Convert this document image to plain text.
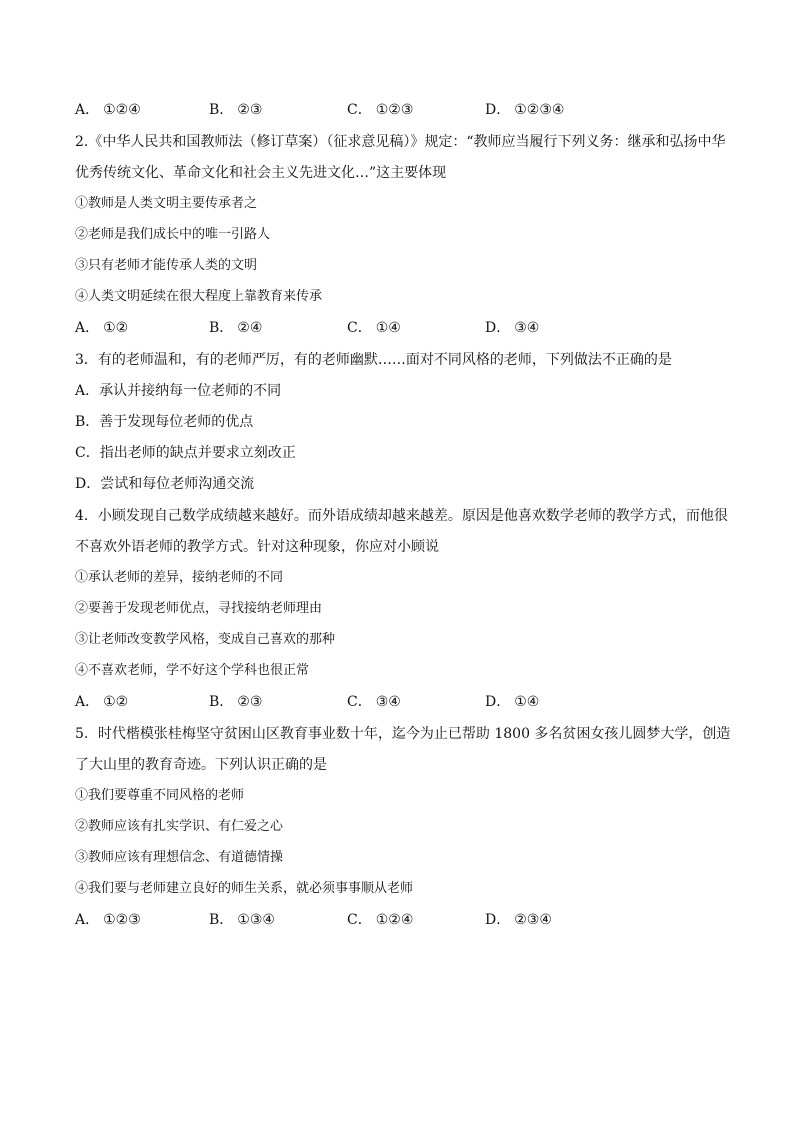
A． ①②④	B． ②③	C． ①②③	D． ①②③④
2.《中华人民共和国教师法（修订草案）（征求意见稿）》规定：“教师应当履行下列义务：继承和弘扬中华
优秀传统文化、革命文化和社会主义先进文化…”这主要体现
①教师是人类文明主要传承者之
②老师是我们成长中的唯一引路人
③只有老师才能传承人类的文明
④人类文明延续在很大程度上靠教育来传承
A． ①②	B． ②④	C． ①④	D． ③④
3．有的老师温和，有的老师严厉，有的老师幽默……面对不同风格的老师，下列做法不正确的是
A．承认并接纳每一位老师的不同
B．善于发现每位老师的优点
C．指出老师的缺点并要求立刻改正
D．尝试和每位老师沟通交流
4．小顾发现自己数学成绩越来越好。而外语成绩却越来越差。原因是他喜欢数学老师的教学方式，而他很
不喜欢外语老师的教学方式。针对这种现象，你应对小顾说
①承认老师的差异，接纳老师的不同
②要善于发现老师优点，寻找接纳老师理由
③让老师改变教学风格，变成自己喜欢的那种
④不喜欢老师，学不好这个学科也很正常
A． ①②	B． ②③	C． ③④	D． ①④
5．时代楷模张桂梅坚守贫困山区教育事业数十年，迄今为止已帮助 1800 多名贫困女孩儿圆梦大学，创造
了大山里的教育奇迹。下列认识正确的是
①我们要尊重不同风格的老师
②教师应该有扎实学识、有仁爱之心
③教师应该有理想信念、有道德情操
④我们要与老师建立良好的师生关系，就必须事事顺从老师
A． ①②③	B． ①③④	C． ①②④	D． ②③④
